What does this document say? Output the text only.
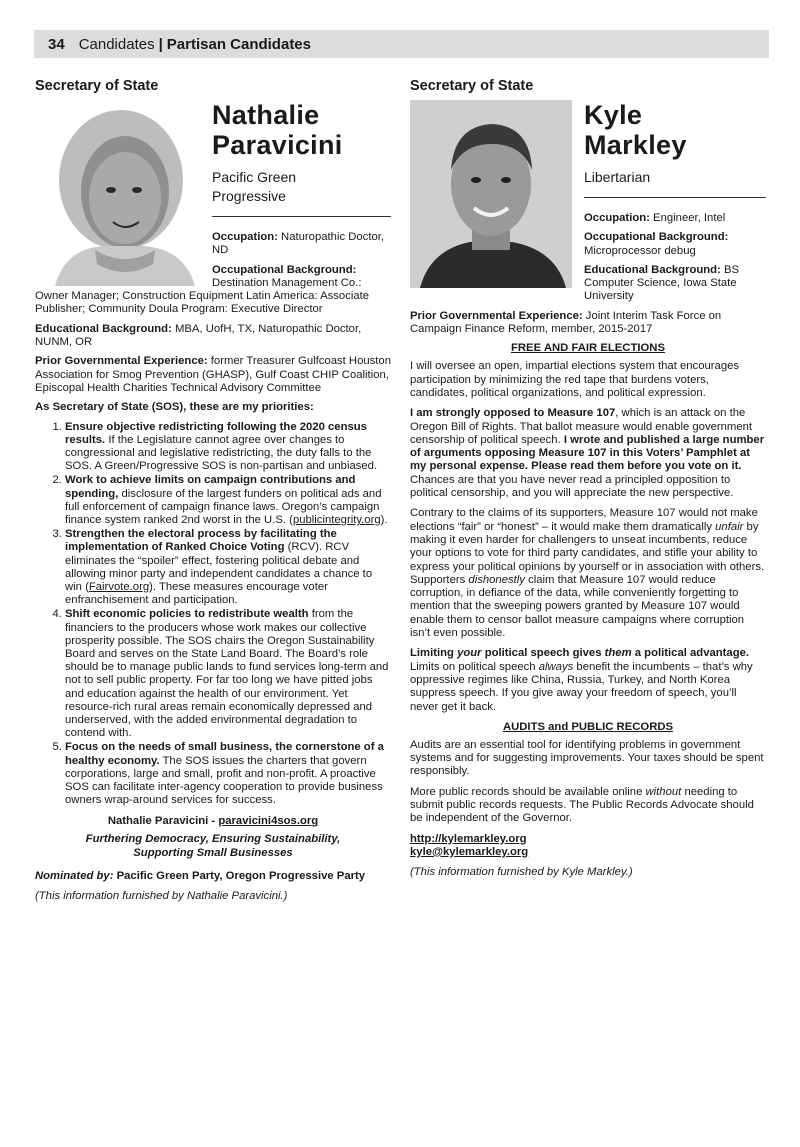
34 Candidates | Partisan Candidates
Secretary of State
Nathalie
Paravicini
Pacific Green
Progressive

Occupation: Naturopathic Doctor, ND

Occupational Background: Destination Management Co.: Owner Manager; Construction Equipment Latin America: Associate Publisher; Community Doula Program: Executive Director

Educational Background: MBA, UofH, TX, Naturopathic Doctor, NUNM, OR

Prior Governmental Experience: former Treasurer Gulfcoast Houston Association for Smog Prevention (GHASP), Gulf Coast CHIP Coalition, Episcopal Health Charities Technical Advisory Committee

As Secretary of State (SOS), these are my priorities:

1. Ensure objective redistricting following the 2020 census results. If the Legislature cannot agree over changes to congressional and legislative redistricting, the duty falls to the SOS. A Green/Progressive SOS is non-partisan and unbiased.
2. Work to achieve limits on campaign contributions and spending, disclosure of the largest funders on political ads and full enforcement of campaign finance laws. Oregon’s campaign finance system ranked 2nd worst in the U.S. (publicintegrity.org).
3. Strengthen the electoral process by facilitating the implementation of Ranked Choice Voting (RCV). RCV eliminates the “spoiler” effect, fostering political debate and allowing minor party and independent candidates a chance to win (Fairvote.org). These measures encourage voter enfranchisement and participation.
4. Shift economic policies to redistribute wealth from the financiers to the producers whose work makes our collective prosperity possible. The SOS chairs the Oregon Sustainability Board and serves on the State Land Board. The Board’s role should be to manage public lands to fund services long-term and not to sell public property. For far too long we have pitted jobs and education against the health of our environment. Yet resource-rich rural areas remain economically depressed and underserved, with the added environmental degradation to contend with.
5. Focus on the needs of small business, the cornerstone of a healthy economy. The SOS issues the charters that govern corporations, large and small, profit and non-profit. A proactive SOS can facilitate inter-agency cooperation to provide business owners wrap-around services for success.

Nathalie Paravicini - paravicini4sos.org

Furthering Democracy, Ensuring Sustainability,
Supporting Small Businesses

Nominated by: Pacific Green Party, Oregon Progressive Party

(This information furnished by Nathalie Paravicini.)

Secretary of State
Kyle
Markley
Libertarian

Occupation: Engineer, Intel

Occupational Background: Microprocessor debug

Educational Background: BS Computer Science, Iowa State University

Prior Governmental Experience: Joint Interim Task Force on Campaign Finance Reform, member, 2015-2017

FREE AND FAIR ELECTIONS

I will oversee an open, impartial elections system that encourages participation by minimizing the red tape that burdens voters, candidates, political organizations, and political expression.

I am strongly opposed to Measure 107, which is an attack on the Oregon Bill of Rights. That ballot measure would enable government censorship of political speech. I wrote and published a large number of arguments opposing Measure 107 in this Voters’ Pamphlet at my personal expense. Please read them before you vote on it. Chances are that you have never read a principled opposition to political censorship, and you will appreciate the new perspective.

Contrary to the claims of its supporters, Measure 107 would not make elections “fair” or “honest” – it would make them dramatically unfair by making it even harder for challengers to unseat incumbents, reduce your options to vote for third party candidates, and stifle your ability to express your political opinions by yourself or in association with others. Supporters dishonestly claim that Measure 107 would reduce corruption, in defiance of the data, while conveniently forgetting to mention that the sweeping powers granted by Measure 107 would enable them to censor ballot measure campaigns where corruption isn’t even possible.

Limiting your political speech gives them a political advantage. Limits on political speech always benefit the incumbents – that’s why oppressive regimes like China, Russia, Turkey, and North Korea suppress speech. If you give away your freedom of speech, you’ll never get it back.

AUDITS and PUBLIC RECORDS

Audits are an essential tool for identifying problems in government systems and for suggesting improvements. Your taxes should be spent responsibly.

More public records should be available online without needing to submit public records requests. The Public Records Advocate should be independent of the Governor.

http://kylemarkley.org
kyle@kylemarkley.org

(This information furnished by Kyle Markley.)
